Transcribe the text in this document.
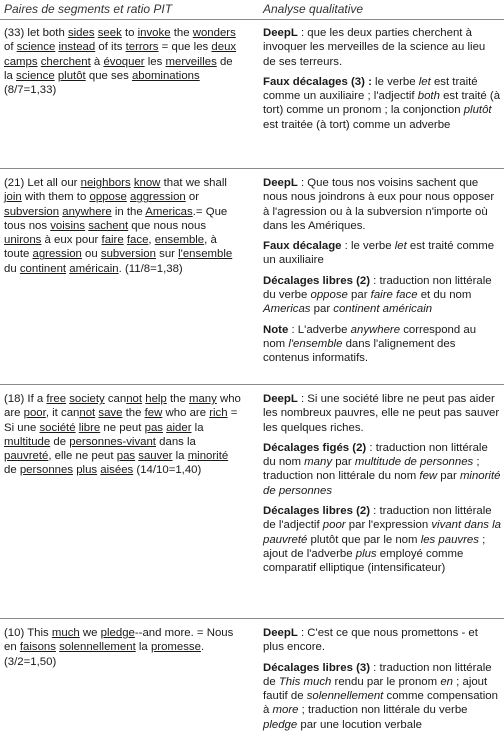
Paires de segments et ratio PIT	Analyse qualitative
(33) let both sides seek to invoke the wonders of science instead of its terrors = que les deux camps cherchent à évoquer les merveilles de la science plutôt que ses abominations (8/7=1,33)

DeepL : que les deux parties cherchent à invoquer les merveilles de la science au lieu de ses terreurs.

Faux décalages (3) : le verbe let est traité comme un auxiliaire ; l'adjectif both est traité (à tort) comme un pronom ; la conjonction plutôt est traitée (à tort) comme un adverbe

(21) Let all our neighbors know that we shall join with them to oppose aggression or subversion anywhere in the Americas.= Que tous nos voisins sachent que nous nous unirons à eux pour faire face, ensemble, à toute agression ou subversion sur l'ensemble du continent américain. (11/8=1,38)

DeepL : Que tous nos voisins sachent que nous nous joindrons à eux pour nous opposer à l'agression ou à la subversion n'importe où dans les Amériques.

Faux décalage : le verbe let est traité comme un auxiliaire

Décalages libres (2) : traduction non littérale du verbe oppose par faire face et du nom Americas par continent américain

Note : L'adverbe anywhere correspond au nom l'ensemble dans l'alignement des contenus informatifs.

(18) If a free society cannot help the many who are poor, it cannot save the few who are rich = Si une société libre ne peut pas aider la multitude de personnes-vivant dans la pauvreté, elle ne peut pas sauver la minorité de personnes plus aisées (14/10=1,40)

DeepL : Si une société libre ne peut pas aider les nombreux pauvres, elle ne peut pas sauver les quelques riches.

Décalages figés (2) : traduction non littérale du nom many par multitude de personnes ; traduction non littérale du nom few par minorité de personnes

Décalages libres (2) : traduction non littérale de l'adjectif poor par l'expression vivant dans la pauvreté plutôt que par le nom les pauvres ; ajout de l'adverbe plus employé comme comparatif elliptique (intensificateur)

(10) This much we pledge--and more. = Nous en faisons solennellement la promesse. (3/2=1,50)

DeepL : C'est ce que nous promettons - et plus encore.

Décalages libres (3) : traduction non littérale de This much rendu par le pronom en ; ajout fautif de solennellement comme compensation à more ; traduction non littérale du verbe pledge par une locution verbale
